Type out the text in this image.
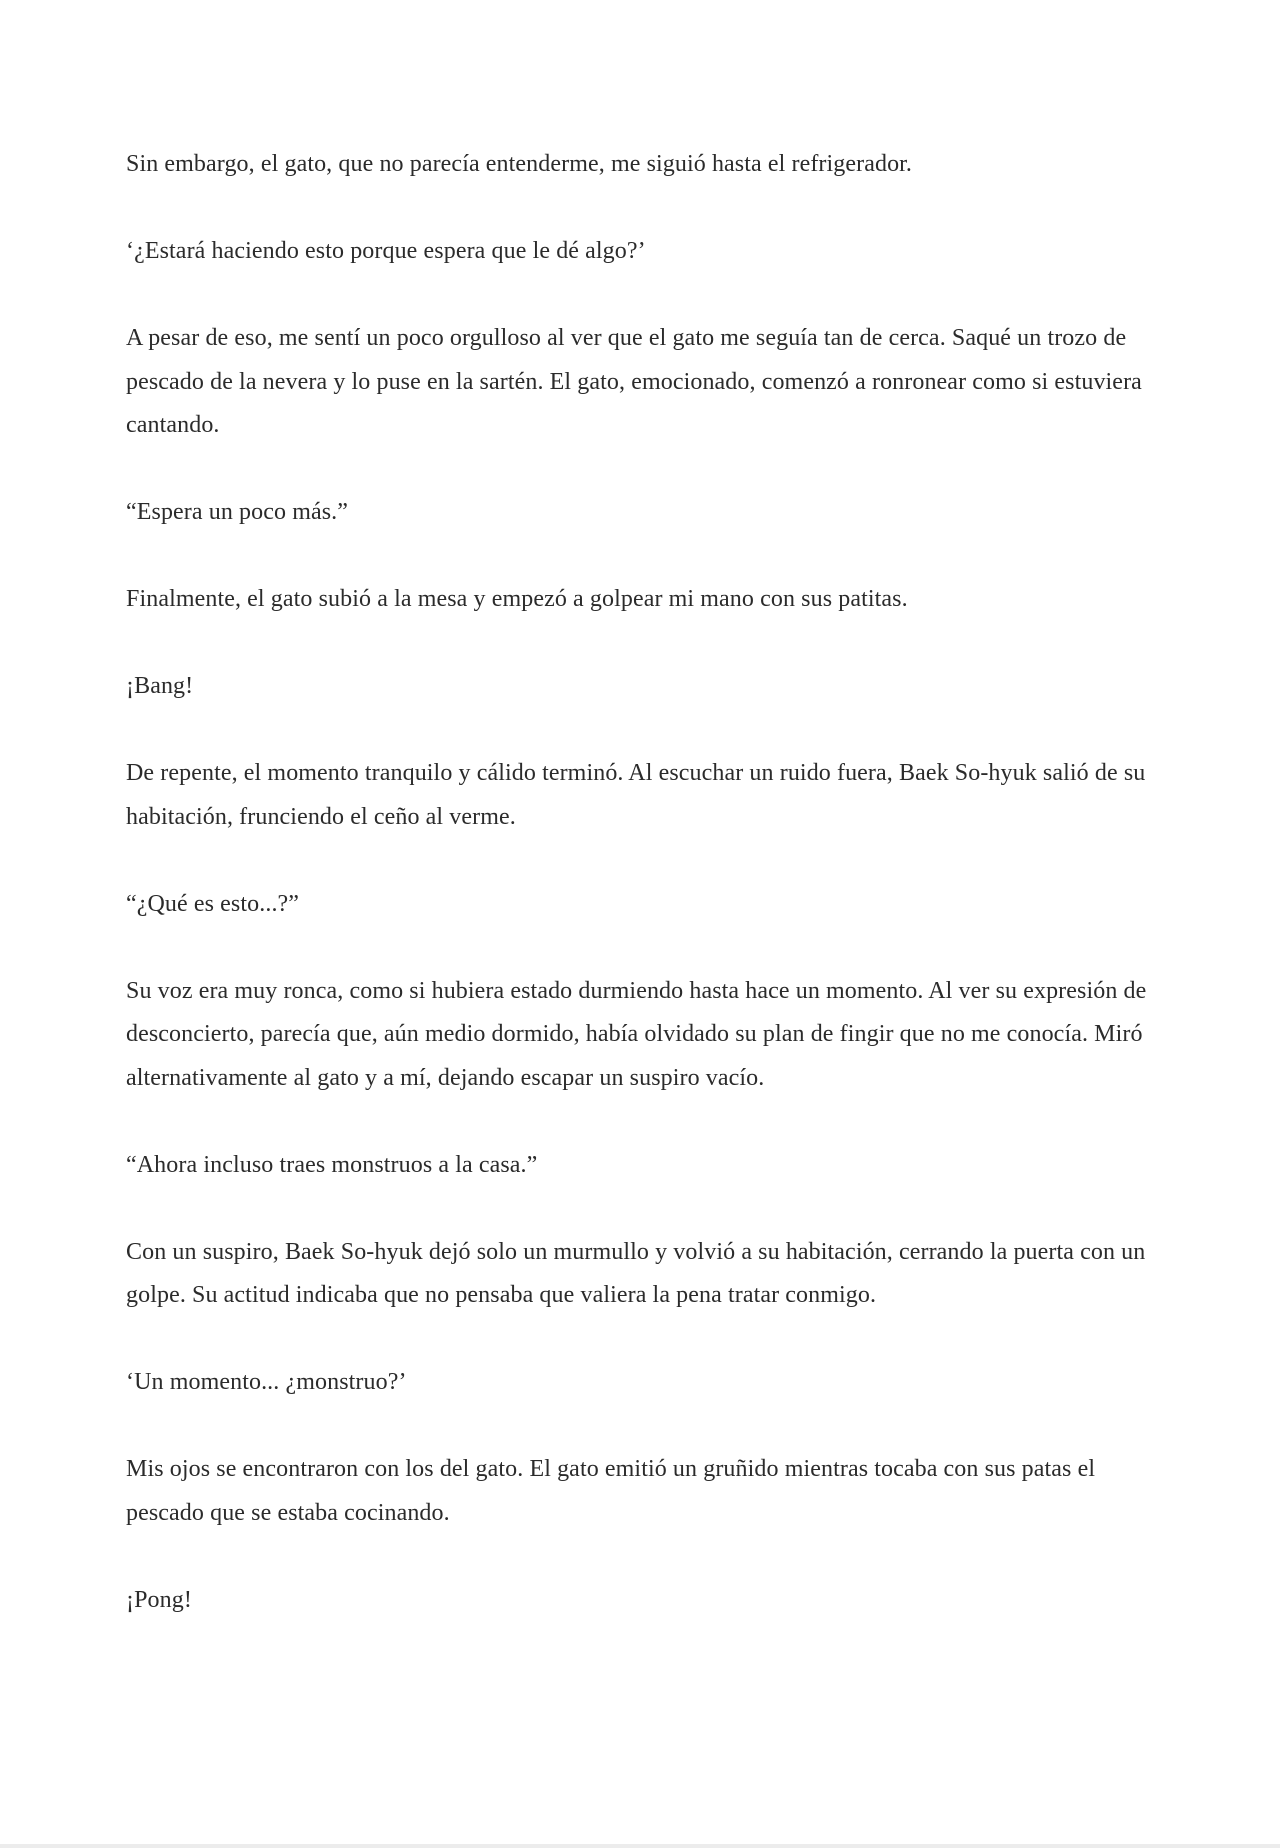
Sin embargo, el gato, que no parecía entenderme, me siguió hasta el refrigerador.

‘¿Estará haciendo esto porque espera que le dé algo?’

A pesar de eso, me sentí un poco orgulloso al ver que el gato me seguía tan de cerca. Saqué un trozo de pescado de la nevera y lo puse en la sartén. El gato, emocionado, comenzó a ronronear como si estuviera cantando.

“Espera un poco más.”

Finalmente, el gato subió a la mesa y empezó a golpear mi mano con sus patitas.

¡Bang!

De repente, el momento tranquilo y cálido terminó. Al escuchar un ruido fuera, Baek So-hyuk salió de su habitación, frunciendo el ceño al verme.

“¿Qué es esto...?”

Su voz era muy ronca, como si hubiera estado durmiendo hasta hace un momento. Al ver su expresión de desconcierto, parecía que, aún medio dormido, había olvidado su plan de fingir que no me conocía. Miró alternativamente al gato y a mí, dejando escapar un suspiro vacío.

“Ahora incluso traes monstruos a la casa.”

Con un suspiro, Baek So-hyuk dejó solo un murmullo y volvió a su habitación, cerrando la puerta con un golpe. Su actitud indicaba que no pensaba que valiera la pena tratar conmigo.

‘Un momento... ¿monstruo?’

Mis ojos se encontraron con los del gato. El gato emitió un gruñido mientras tocaba con sus patas el pescado que se estaba cocinando.

¡Pong!
